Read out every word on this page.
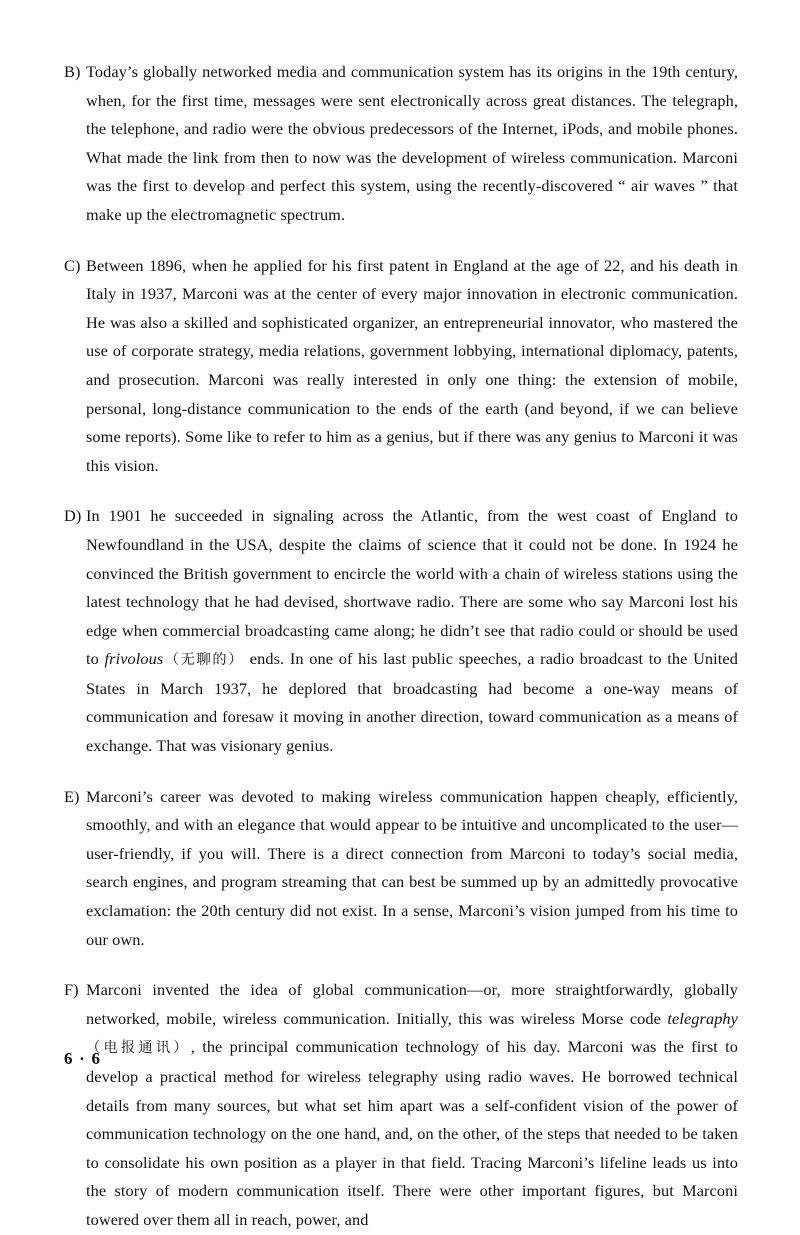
B) Today’s globally networked media and communication system has its origins in the 19th century, when, for the first time, messages were sent electronically across great distances. The telegraph, the telephone, and radio were the obvious predecessors of the Internet, iPods, and mobile phones. What made the link from then to now was the development of wireless communication. Marconi was the first to develop and perfect this system, using the recently-discovered “ air waves ” that make up the electromagnetic spectrum.

C) Between 1896, when he applied for his first patent in England at the age of 22, and his death in Italy in 1937, Marconi was at the center of every major innovation in electronic communication. He was also a skilled and sophisticated organizer, an entrepreneurial innovator, who mastered the use of corporate strategy, media relations, government lobbying, international diplomacy, patents, and prosecution. Marconi was really interested in only one thing: the extension of mobile, personal, long-distance communication to the ends of the earth (and beyond, if we can believe some reports). Some like to refer to him as a genius, but if there was any genius to Marconi it was this vision.

D) In 1901 he succeeded in signaling across the Atlantic, from the west coast of England to Newfoundland in the USA, despite the claims of science that it could not be done. In 1924 he convinced the British government to encircle the world with a chain of wireless stations using the latest technology that he had devised, shortwave radio. There are some who say Marconi lost his edge when commercial broadcasting came along; he didn’t see that radio could or should be used to frivolous（无聊的） ends. In one of his last public speeches, a radio broadcast to the United States in March 1937, he deplored that broadcasting had become a one-way means of communication and foresaw it moving in another direction, toward communication as a means of exchange. That was visionary genius.

E) Marconi’s career was devoted to making wireless communication happen cheaply, efficiently, smoothly, and with an elegance that would appear to be intuitive and uncomplicated to the user—user-friendly, if you will. There is a direct connection from Marconi to today’s social media, search engines, and program streaming that can best be summed up by an admittedly provocative exclamation: the 20th century did not exist. In a sense, Marconi’s vision jumped from his time to our own.

F) Marconi invented the idea of global communication—or, more straightforwardly, globally networked, mobile, wireless communication. Initially, this was wireless Morse code telegraphy（电报通讯）, the principal communication technology of his day. Marconi was the first to develop a practical method for wireless telegraphy using radio waves. He borrowed technical details from many sources, but what set him apart was a self-confident vision of the power of communication technology on the one hand, and, on the other, of the steps that needed to be taken to consolidate his own position as a player in that field. Tracing Marconi’s lifeline leads us into the story of modern communication itself. There were other important figures, but Marconi towered over them all in reach, power, and

6 · 6
